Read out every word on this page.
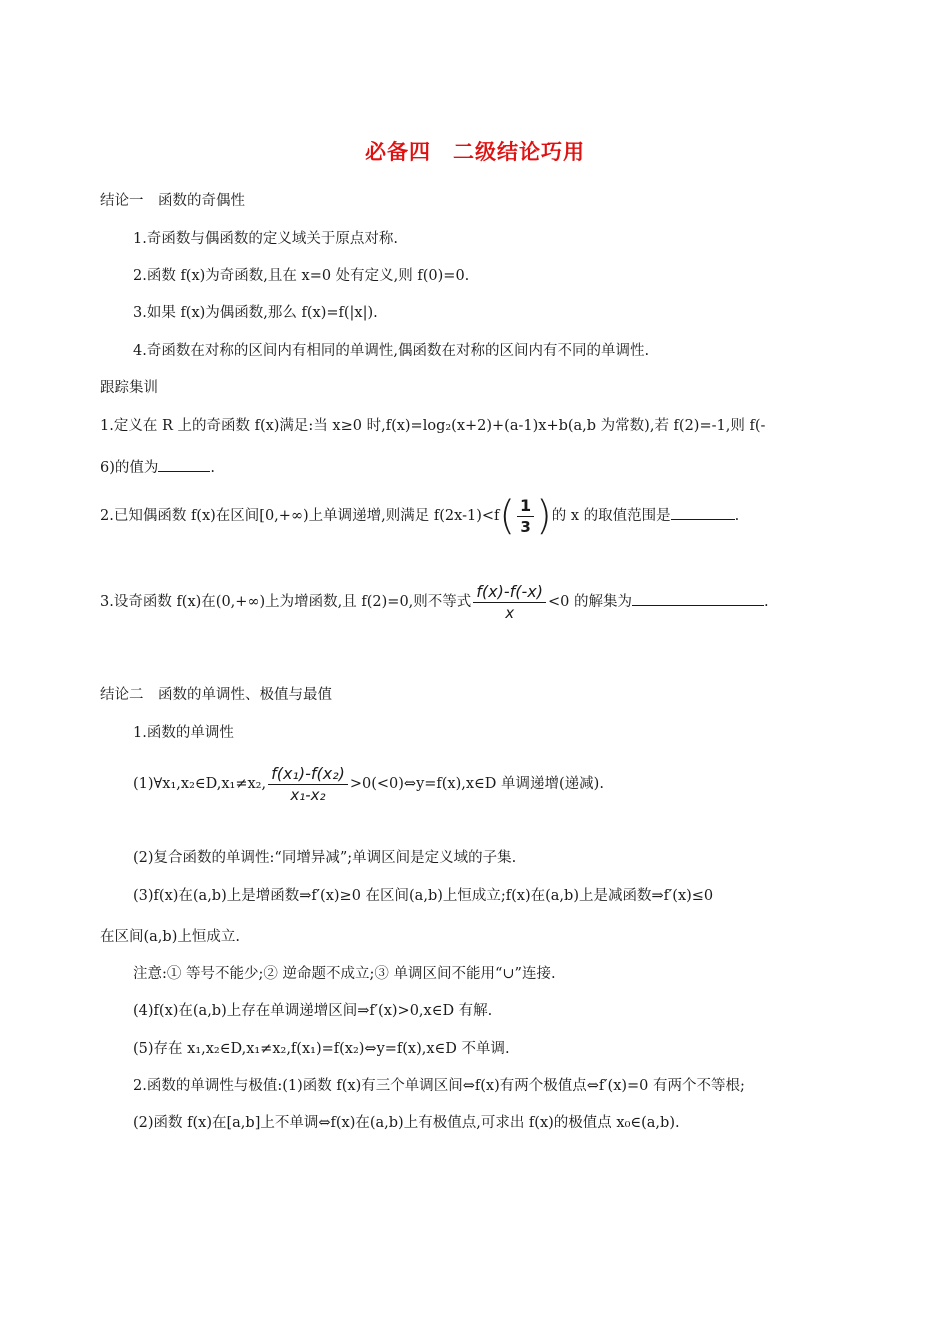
必备四　二级结论巧用
结论一　函数的奇偶性
1.奇函数与偶函数的定义域关于原点对称.
2.函数 f(x)为奇函数,且在 x=0 处有定义,则 f(0)=0.
3.如果 f(x)为偶函数,那么 f(x)=f(|x|).
4.奇函数在对称的区间内有相同的单调性,偶函数在对称的区间内有不同的单调性.
跟踪集训
1.定义在 R 上的奇函数 f(x)满足:当 x≥0 时,f(x)=log₂(x+2)+(a-1)x+b(a,b 为常数),若 f(2)=-1,则 f(-
6)的值为	.
2.已知偶函数 f(x)在区间[0,+∞)上单调递增,则满足 f(2x-1)<f ( $\frac{1}{3}$ ) 的 x 的取值范围是	.
3.设奇函数 f(x)在(0,+∞)上为增函数,且 f(2)=0,则不等式 $\frac{f(x)-f(-x)}{x} <0$ 的解集为	.
结论二　函数的单调性、极值与最值
1.函数的单调性
(1)∀x₁,x₂∈D,x₁≠x₂, $\frac{\text{f(x₁)-f(x₂)}}{\text{x₁-x₂}}$ >0(<0)⇔y=f(x),x∈D 单调递增(递减).
(2)复合函数的单调性:“同增异减”;单调区间是定义域的子集.
(3)f(x)在(a,b)上是增函数⇒f′(x)≥0 在区间(a,b)上恒成立;f(x)在(a,b)上是减函数⇒f′(x)≤0
在区间(a,b)上恒成立.
注意:① 等号不能少;② 逆命题不成立;③ 单调区间不能用“∪”连接.
(4)f(x)在(a,b)上存在单调递增区间⇒f′(x)>0,x∈D 有解.
(5)存在 x₁,x₂∈D,x₁≠x₂,f(x₁)=f(x₂)⇔y=f(x),x∈D 不单调.
2.函数的单调性与极值:(1)函数 f(x)有三个单调区间⇔f(x)有两个极值点⇔f′(x)=0 有两个不等根;
(2)函数 f(x)在[a,b]上不单调⇔f(x)在(a,b)上有极值点,可求出 f(x)的极值点 x₀∈(a,b).
